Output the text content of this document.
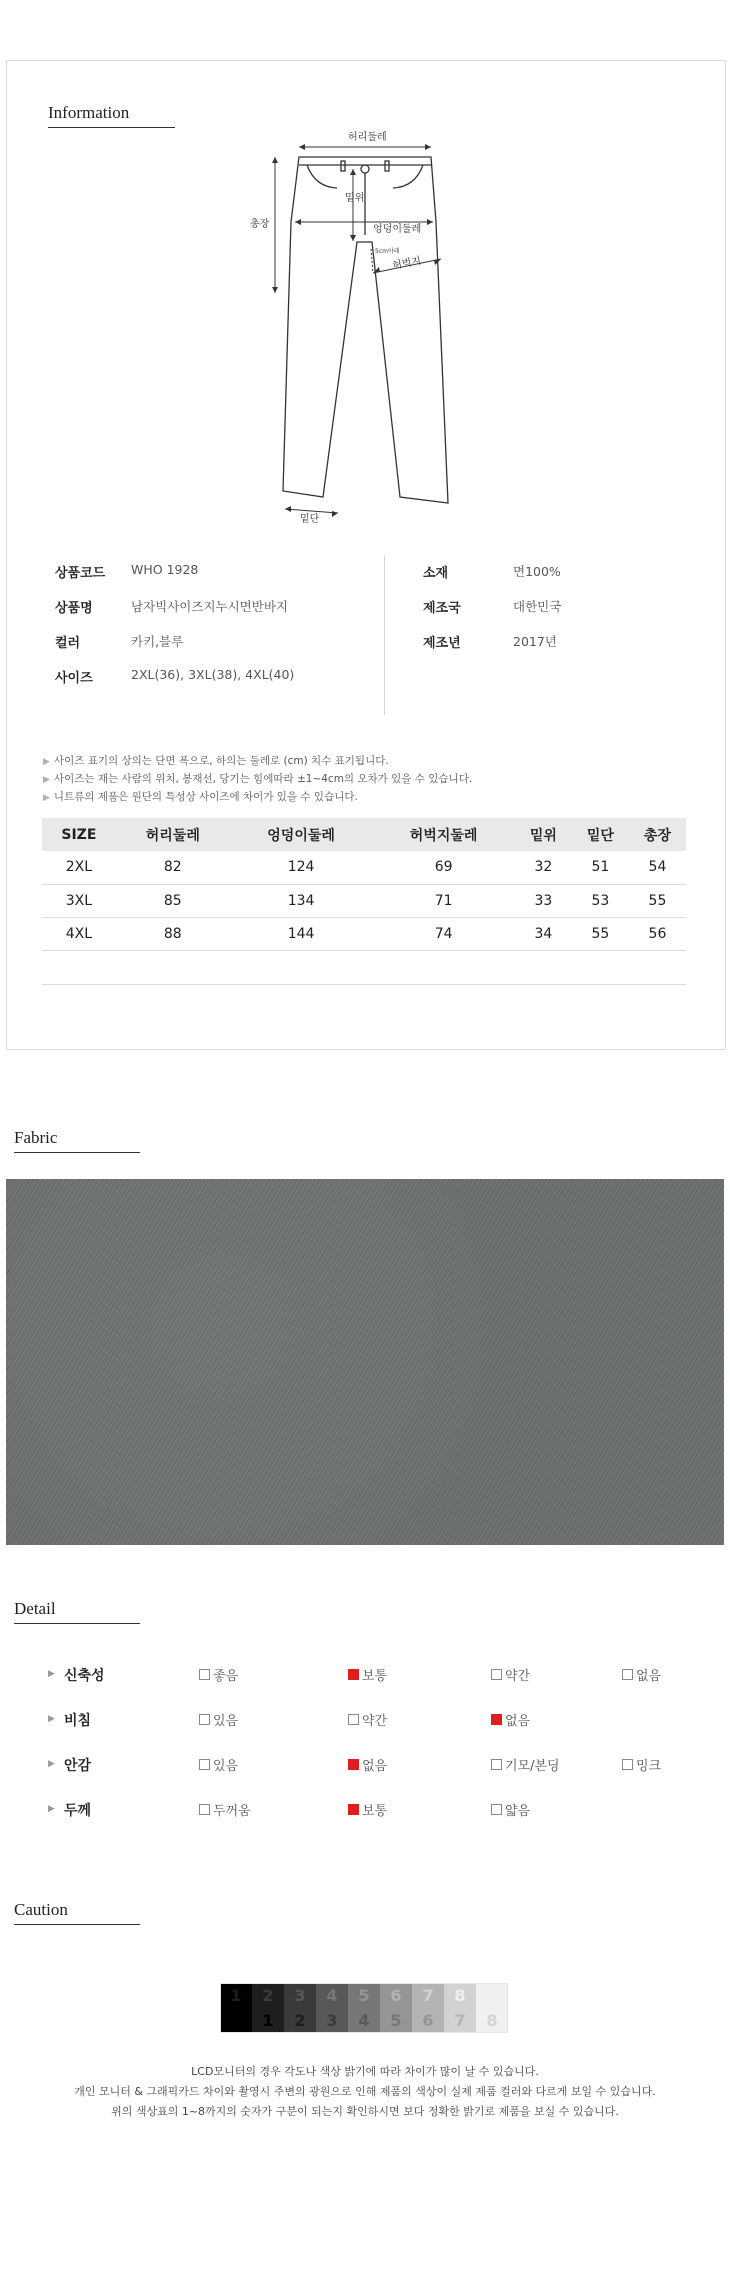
Information
허리둘레
밑위
엉덩이둘레
총장
5cm아래
허벅지
밑단
상품코드 WHO 1928
상품명	남자빅사이즈지누시면반바지
컬러	카키,블루
사이즈	2XL(36), 3XL(38), 4XL(40)
소재	면100%
제조국	대한민국
제조년	2017년
▶ 사이즈 표기의 상의는 단면 폭으로, 하의는 둘레로 (cm) 치수 표기됩니다.
▶ 사이즈는 재는 사람의 위치, 봉재선, 당기는 힘에따라 ±1~4cm의 오차가 있을 수 있습니다.
▶ 니트류의 제품은 원단의 특성상 사이즈에 차이가 있을 수 있습니다.
SIZE	허리둘레	엉덩이둘레	허벅지둘레	밑위	밑단	총장
2XL	82	124	69	32	51	54
3XL	85	134	71	33	53	55
4XL	88	144	74	34	55	56
Fabric
Detail
▶ 신축성	좋음	보통	약간	없음
▶ 비침	있음	약간	없음
▶ 안감	있음	없음	기모/본딩	밍크
▶ 두께	두꺼움	보통	얇음
Caution
1	2
1
3
2
4
3
5
4
6
5
7
6
8
7	8
LCD모니터의 경우 각도나 색상 밝기에 따라 차이가 많이 날 수 있습니다.
개인 모니터 & 그래픽카드 차이와 촬영시 주변의 광원으로 인해 제품의 색상이 실제 제품 컬러와 다르게 보일 수 있습니다.
위의 색상표의 1~8까지의 숫자가 구분이 되는지 확인하시면 보다 정확한 밝기로 제품을 보실 수 있습니다.
